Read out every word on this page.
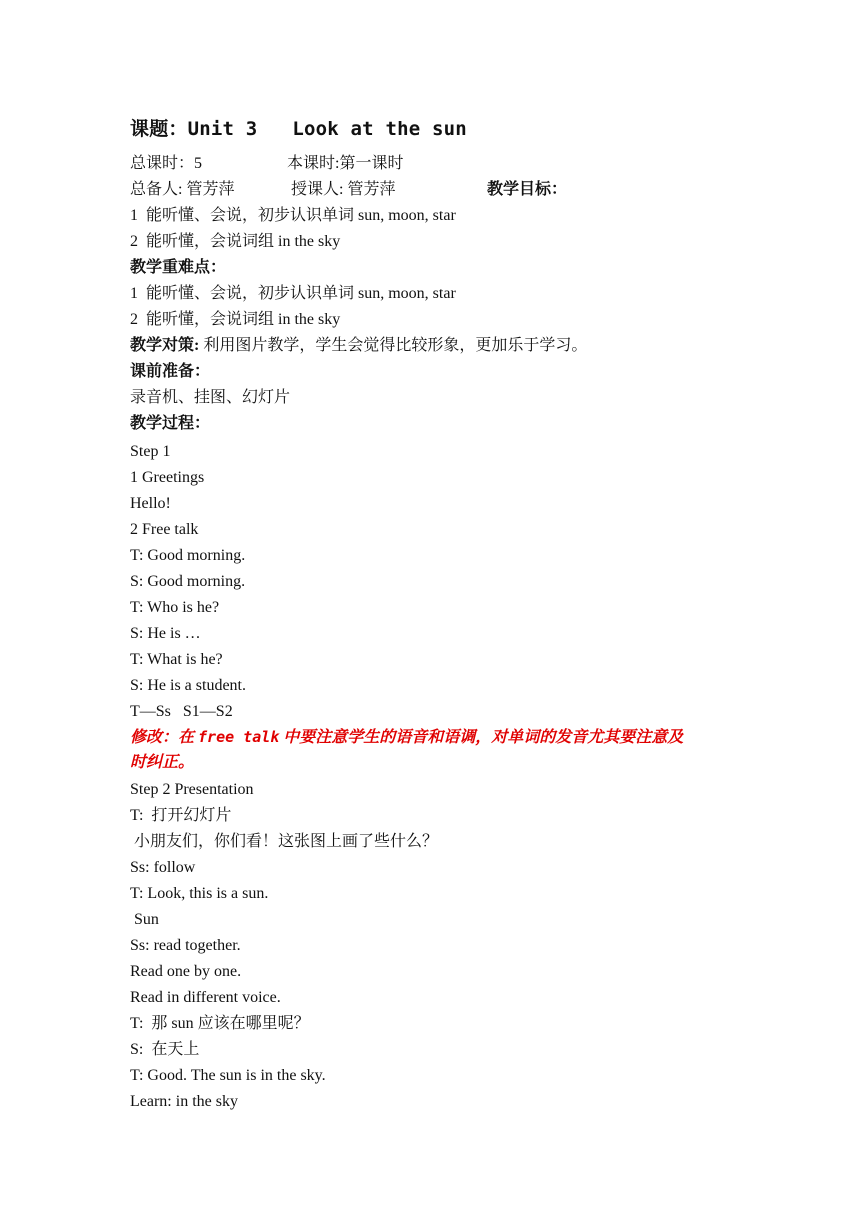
课题：Unit 3   Look at the sun
总课时：5	本课时:第一课时
总备人: 管芳萍	授课人: 管芳萍	教学目标：
1  能听懂、会说，初步认识单词 sun, moon, star
2  能听懂，会说词组 in the sky
教学重难点：
1  能听懂、会说，初步认识单词 sun, moon, star
2  能听懂，会说词组 in the sky
教学对策: 利用图片教学，学生会觉得比较形象，更加乐于学习。
课前准备：
录音机、挂图、幻灯片
教学过程：
Step 1
1 Greetings
Hello!
2 Free talk
T: Good morning.
S: Good morning.
T: Who is he?
S: He is …
T: What is he?
S: He is a student.
T—Ss   S1—S2
修改：在 free talk 中要注意学生的语音和语调，对单词的发音尤其要注意及
时纠正。
Step 2 Presentation
T:  打开幻灯片
小朋友们，你们看！这张图上画了些什么？
Ss: follow
T: Look, this is a sun.
Sun
Ss: read together.
Read one by one.
Read in different voice.
T:  那 sun 应该在哪里呢？
S:  在天上
T: Good. The sun is in the sky.
Learn: in the sky
